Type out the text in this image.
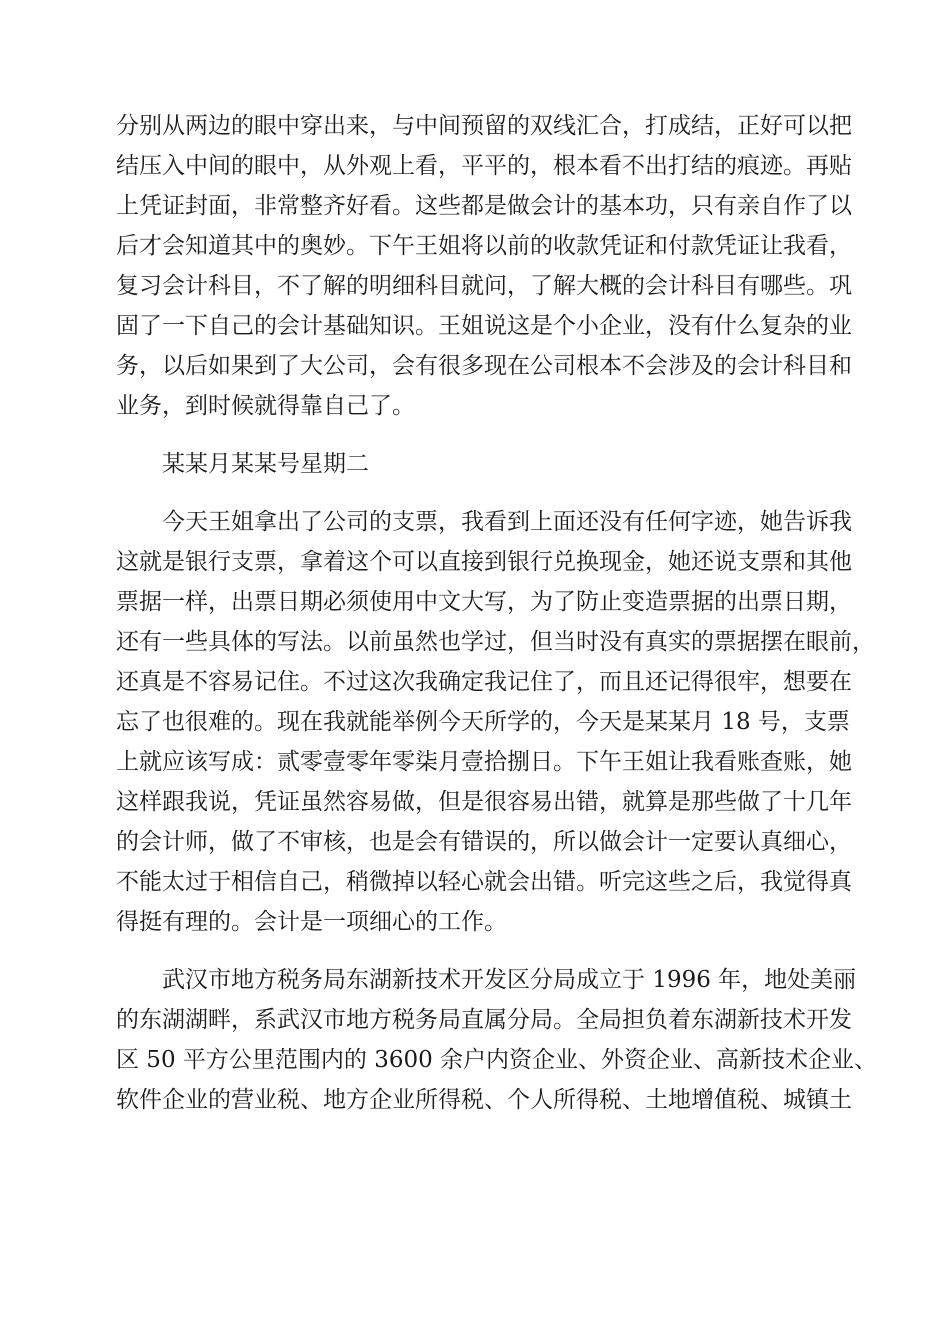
分别从两边的眼中穿出来，与中间预留的双线汇合，打成结，正好可以把
结压入中间的眼中，从外观上看，平平的，根本看不出打结的痕迹。再贴
上凭证封面，非常整齐好看。这些都是做会计的基本功，只有亲自作了以
后才会知道其中的奥妙。下午王姐将以前的收款凭证和付款凭证让我看，
复习会计科目，不了解的明细科目就问，了解大概的会计科目有哪些。巩
固了一下自己的会计基础知识。王姐说这是个小企业，没有什么复杂的业
务，以后如果到了大公司，会有很多现在公司根本不会涉及的会计科目和
业务，到时候就得靠自己了。
　　某某月某某号星期二
　　今天王姐拿出了公司的支票，我看到上面还没有任何字迹，她告诉我
这就是银行支票，拿着这个可以直接到银行兑换现金，她还说支票和其他
票据一样，出票日期必须使用中文大写，为了防止变造票据的出票日期，
还有一些具体的写法。以前虽然也学过，但当时没有真实的票据摆在眼前，
还真是不容易记住。不过这次我确定我记住了，而且还记得很牢，想要在
忘了也很难的。现在我就能举例今天所学的，今天是某某月 18 号，支票
上就应该写成：贰零壹零年零柒月壹拾捌日。下午王姐让我看账查账，她
这样跟我说，凭证虽然容易做，但是很容易出错，就算是那些做了十几年
的会计师，做了不审核，也是会有错误的，所以做会计一定要认真细心，
不能太过于相信自己，稍微掉以轻心就会出错。听完这些之后，我觉得真
得挺有理的。会计是一项细心的工作。
　　武汉市地方税务局东湖新技术开发区分局成立于 1996 年，地处美丽
的东湖湖畔，系武汉市地方税务局直属分局。全局担负着东湖新技术开发
区 50 平方公里范围内的 3600 余户内资企业、外资企业、高新技术企业、
软件企业的营业税、地方企业所得税、个人所得税、土地增值税、城镇土
